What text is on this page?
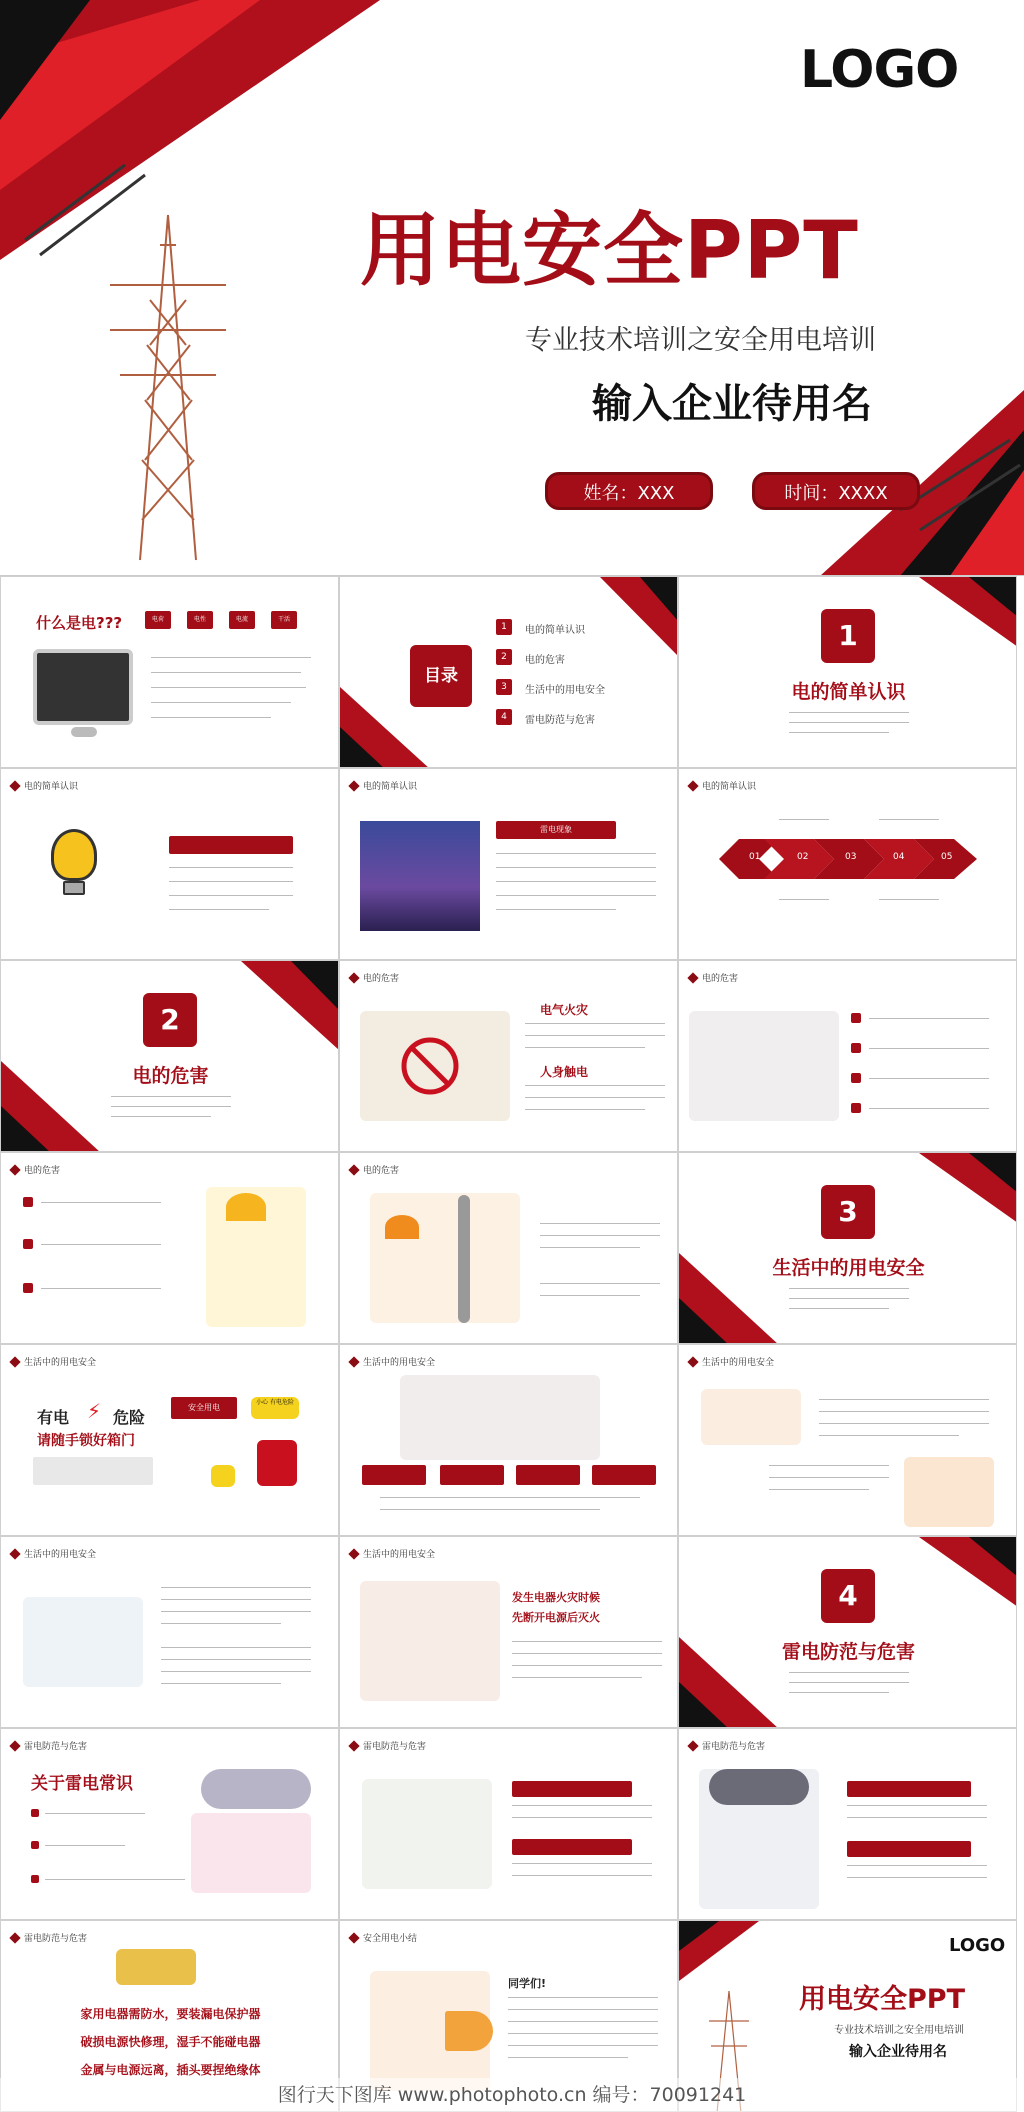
LOGO
用电安全PPT
专业技术培训之安全用电培训
输入企业待用名
姓名：XXX	时间：XXXX
什么是电???	电荷	电性	电流	干活
目录
1	电的简单认识
2	电的危害
3	生活中的用电安全
4	雷电防范与危害
1
电的简单认识
电的简单认识	电的简单认识
雷电现象
电的简单认识
01	02	03	04	05
2
电的危害
电的危害
电气火灾
人身触电
电的危害
电的危害	电的危害
3
生活中的用电安全
生活中的用电安全
有电 ⚡ 危险
请随手锁好箱门
安全用电
小心 有电危险
生活中的用电安全	生活中的用电安全
生活中的用电安全	生活中的用电安全
发生电器火灾时候
先断开电源后灭火
4
雷电防范与危害
雷电防范与危害
关于雷电常识
雷电防范与危害	雷电防范与危害
雷电防范与危害
家用电器需防水，要装漏电保护器
破损电源快修理，湿手不能碰电器
金属与电源远离，插头要捏绝缘体
安全用电小结
同学们!
LOGO
用电安全PPT
专业技术培训之安全用电培训
输入企业待用名
图行天下图库 www.photophoto.cn 编号：70091241
